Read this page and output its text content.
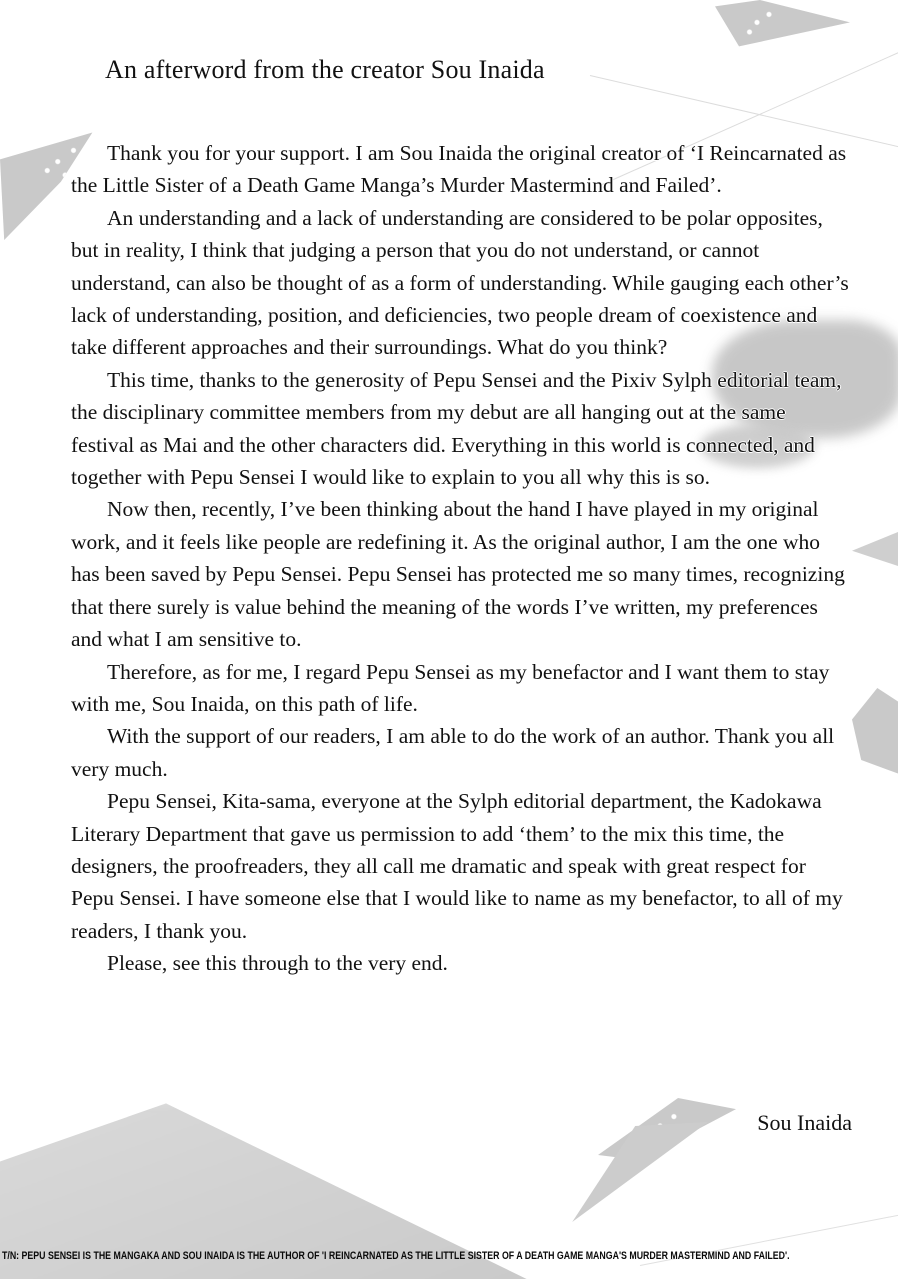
An afterword from the creator Sou Inaida

Thank you for your support. I am Sou Inaida the original creator of ‘I Reincarnated as the Little Sister of a Death Game Manga’s Murder Mastermind and Failed’.

An understanding and a lack of understanding are considered to be polar opposites, but in reality, I think that judging a person that you do not understand, or cannot understand, can also be thought of as a form of understanding. While gauging each other’s lack of understanding, position, and deficiencies, two people dream of coexistence and take different approaches and their surroundings. What do you think?

This time, thanks to the generosity of Pepu Sensei and the Pixiv Sylph editorial team, the disciplinary committee members from my debut are all hanging out at the same festival as Mai and the other characters did. Everything in this world is connected, and together with Pepu Sensei I would like to explain to you all why this is so.

Now then, recently, I’ve been thinking about the hand I have played in my original work, and it feels like people are redefining it. As the original author, I am the one who has been saved by Pepu Sensei. Pepu Sensei has protected me so many times, recognizing that there surely is value behind the meaning of the words I’ve written, my preferences and what I am sensitive to.

Therefore, as for me, I regard Pepu Sensei as my benefactor and I want them to stay with me, Sou Inaida, on this path of life.

With the support of our readers, I am able to do the work of an author. Thank you all very much.

Pepu Sensei, Kita-sama, everyone at the Sylph editorial department, the Kadokawa Literary Department that gave us permission to add ‘them’ to the mix this time, the designers, the proofreaders, they all call me dramatic and speak with great respect for Pepu Sensei. I have someone else that I would like to name as my benefactor, to all of my readers, I thank you.

Please, see this through to the very end.

Sou Inaida
T/N: PEPU SENSEI IS THE MANGAKA AND SOU INAIDA IS THE AUTHOR OF 'I REINCARNATED AS THE LITTLE SISTER OF A DEATH GAME MANGA'S MURDER MASTERMIND AND FAILED'.
